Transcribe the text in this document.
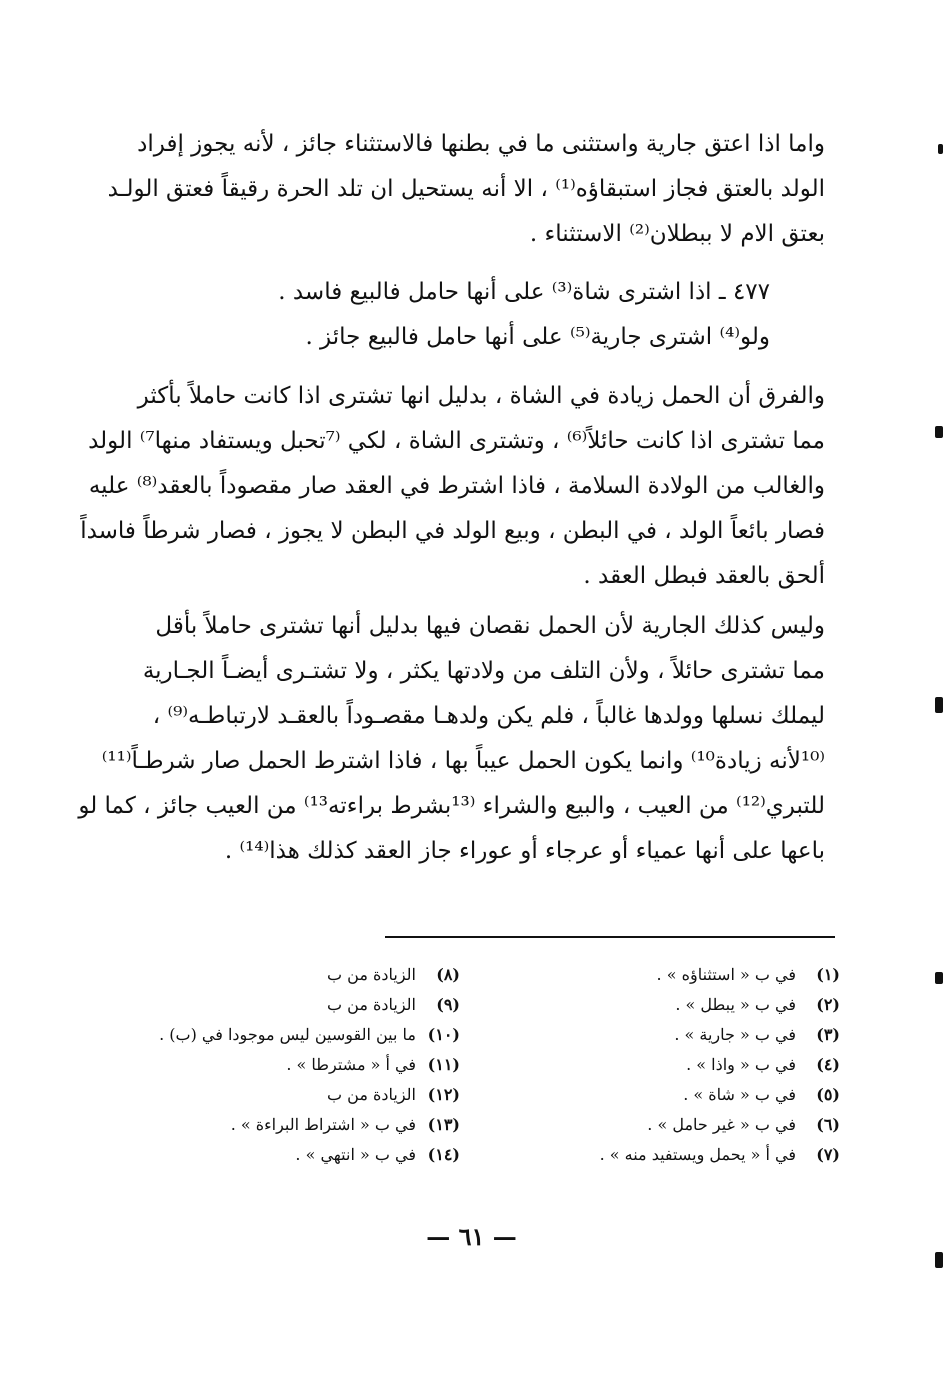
واما اذا اعتق جارية واستثنى ما في بطنها فالاستثناء جائز ، لأنه يجوز إفراد
الولد بالعتق فجاز استبقاؤه⁽¹⁾ ، الا أنه يستحيل ان تلد الحرة رقيقاً فعتق الولـد
بعتق الام لا ببطلان⁽²⁾ الاستثناء .
٤٧٧ ـ اذا اشترى شاة⁽³⁾ على أنها حامل فالبيع فاسد .
ولو⁽⁴⁾ اشترى جارية⁽⁵⁾ على أنها حامل فالبيع جائز .
والفرق أن الحمل زيادة في الشاة ، بدليل انها تشترى اذا كانت حاملاً بأكثر
مما تشترى اذا كانت حائلاً⁽⁶⁾ ، وتشترى الشاة ، لكي ⁽⁷تحبل ويستفاد منها⁷⁾ الولد
والغالب من الولادة السلامة ، فاذا اشترط في العقد صار مقصوداً بالعقد⁽⁸⁾ عليه
فصار بائعاً الولد ، في البطن ، وبيع الولد في البطن لا يجوز ، فصار شرطاً فاسداً
ألحق بالعقد فبطل العقد .
وليس كذلك الجارية لأن الحمل نقصان فيها بدليل أنها تشترى حاملاً بأقل
مما تشترى حائلاً ، ولأن التلف من ولادتها يكثر ، ولا تشتـرى أيضـاً الجـارية
ليملك نسلها وولدها غالباً ، فلم يكن ولدهـا مقصـوداً بالعقـد لارتباطـه⁽⁹⁾ ،
⁽¹⁰لأنه زيادة¹⁰⁾ وانما يكون الحمل عيباً بها ، فاذا اشترط الحمل صار شرطـاً⁽¹¹⁾
للتبري⁽¹²⁾ من العيب ، والبيع والشراء ⁽¹³بشرط براءته¹³⁾ من العيب جائز ، كما لو
باعها على أنها عمياء أو عرجاء أو عوراء جاز العقد كذلك هذا⁽¹⁴⁾ .
(١)
في ب « استثناؤه » .
(٢)
في ب « يبطل » .
(٣)
في ب « جارية » .
(٤)
في ب « واذا » .
(٥)
في ب « شاة » .
(٦)
في ب « غير حامل » .
(٧)
في أ « يحمل ويستفيد منه » .
(٨)
الزيادة من ب
(٩)
الزيادة من ب
(١٠)
ما بين القوسين ليس موجودا في (ب) .
(١١)
في أ « مشترطا » .
(١٢)
الزيادة من ب
(١٣)
في ب « اشتراط البراءة » .
(١٤)
في ب « انتهي » .
— ٦١ —
